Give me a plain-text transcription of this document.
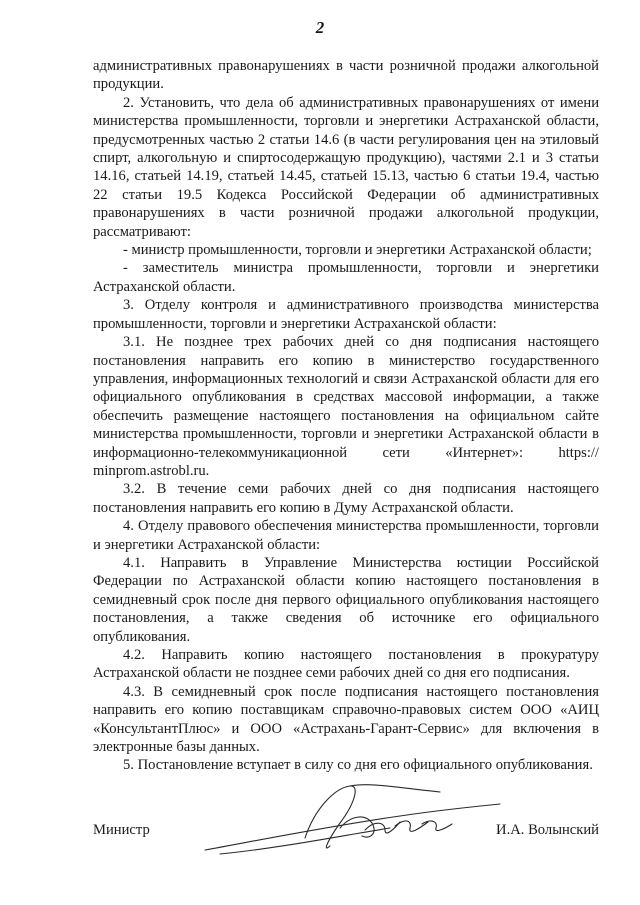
2

административных правонарушениях в части розничной продажи алкогольной продукции.

2. Установить, что дела об административных правонарушениях от имени министерства промышленности, торговли и энергетики Астраханской области, предусмотренных частью 2 статьи 14.6 (в части регулирования цен на этиловый спирт, алкогольную и спиртосодержащую продукцию), частями 2.1 и 3 статьи 14.16, статьей 14.19, статьей 14.45, статьей 15.13, частью 6 статьи 19.4, частью 22 статьи 19.5 Кодекса Российской Федерации об административных правонарушениях в части розничной продажи алкогольной продукции, рассматривают:

- министр промышленности, торговли и энергетики Астраханской области;

- заместитель министра промышленности, торговли и энергетики Астраханской области.

3. Отделу контроля и административного производства министерства промышленности, торговли и энергетики Астраханской области:

3.1. Не позднее трех рабочих дней со дня подписания настоящего постановления направить его копию в министерство государственного управления, информационных технологий и связи Астраханской области для его официального опубликования в средствах массовой информации, а также обеспечить размещение настоящего постановления на официальном сайте министерства промышленности, торговли и энергетики Астраханской области в информационно-телекоммуникационной сети «Интернет»: https:// minprom.astrobl.ru.

3.2. В течение семи рабочих дней со дня подписания настоящего постановления направить его копию в Думу Астраханской области.

4. Отделу правового обеспечения министерства промышленности, торговли и энергетики Астраханской области:

4.1. Направить в Управление Министерства юстиции Российской Федерации по Астраханской области копию настоящего постановления в семидневный срок после дня первого официального опубликования настоящего постановления, а также сведения об источнике его официального опубликования.

4.2. Направить копию настоящего постановления в прокуратуру Астраханской области не позднее семи рабочих дней со дня его подписания.

4.3. В семидневный срок после подписания настоящего постановления направить его копию поставщикам справочно-правовых систем ООО «АИЦ «КонсультантПлюс» и ООО «Астрахань-Гарант-Сервис» для включения в электронные базы данных.

5. Постановление вступает в силу со дня его официального опубликования.

Министр	И.А. Волынский
